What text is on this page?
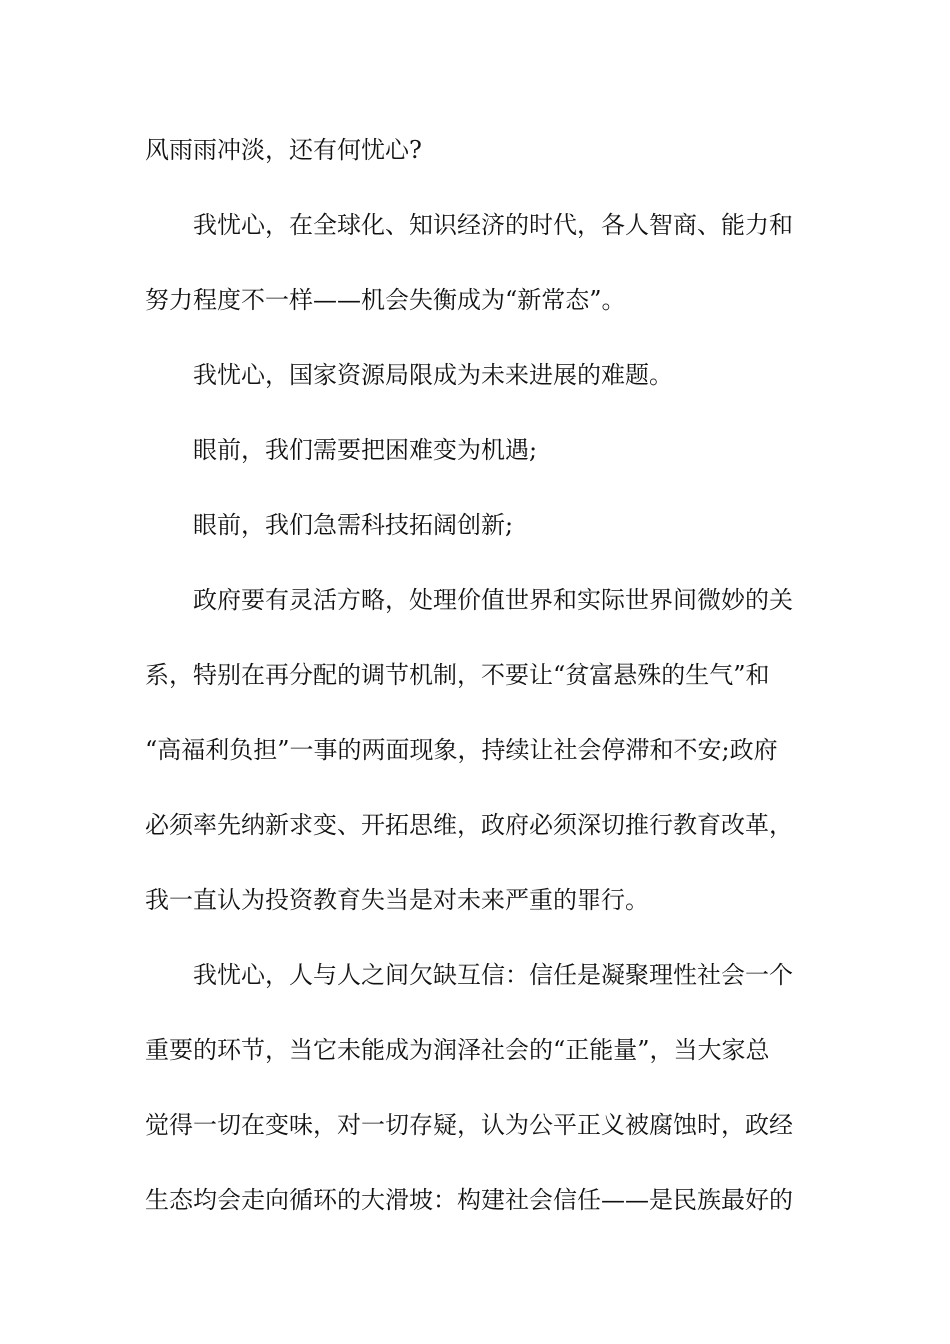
风雨雨冲淡，还有何忧心?
我忧心，在全球化、知识经济的时代，各人智商、能力和
努力程度不一样——机会失衡成为“新常态”。
我忧心，国家资源局限成为未来进展的难题。
眼前，我们需要把困难变为机遇;
眼前，我们急需科技拓阔创新;
政府要有灵活方略，处理价值世界和实际世界间微妙的关
系，特别在再分配的调节机制，不要让“贫富悬殊的生气”和
“高福利负担”一事的两面现象，持续让社会停滞和不安;政府
必须率先纳新求变、开拓思维，政府必须深切推行教育改革，
我一直认为投资教育失当是对未来严重的罪行。
我忧心，人与人之间欠缺互信：信任是凝聚理性社会一个
重要的环节，当它未能成为润泽社会的“正能量”，当大家总
觉得一切在变味，对一切存疑，认为公平正义被腐蚀时，政经
生态均会走向循环的大滑坡：构建社会信任——是民族最好的
